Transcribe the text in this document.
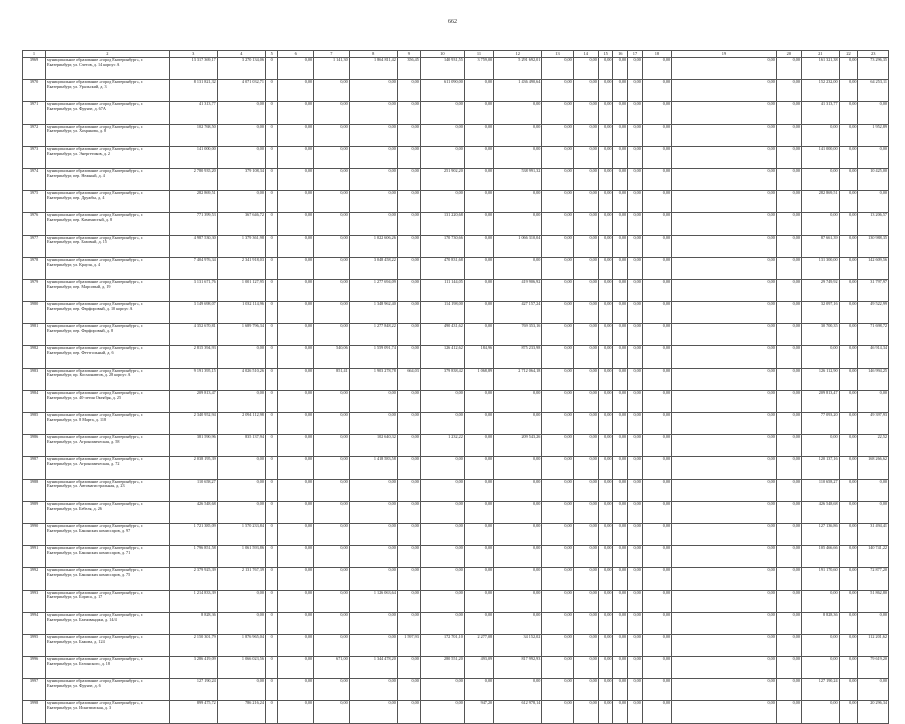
662
1	2	3	4	5	6	7	8	9	10	11	12	13	14	15	16	17	18	19	20	21	22	23
3969	муниципальное образование «город Екатеринбург», г. Екатеринбург, ул. Счетов, д. 14 корпус А	13 317 369,17	3 270 134,06	0	0,00	1 141,30	1 864 811,42	356,45	140 931,55	3 759,00	5 291 692,01	0,00	0,00	0,00	0,00	0,00	0,00	0,00	0,00	161 321,38	0,00	73 296,35
3970	муниципальное образование «город Екатеринбург», г. Екатеринбург, ул. Уральский, д. 3	8 131 821,32	4 071 032,71	0	0,00	0,00	0,00	0,00	611 090,00	0,00	1 436 490,64	0,00	0,00	0,00	0,00	0,00	0,00	0,00	0,00	152 232,00	0,00	64 253,11
3971	муниципальное образование «город Екатеринбург», г. Екатеринбург, ул. Фрунзе, д. 67А	41 313,77	0,00	0	0,00	0,00	0,00	0,00	0,00	0,00	0,00	0,00	0,00	0,00	0,00	0,00	0,00	0,00	0,00	41 313,77	0,00	0,00
3972	муниципальное образование «город Екатеринбург», г. Екатеринбург, ул. Хохрякова, д. 8	102 768,50	0,00	0	0,00	0,00	0,00	0,00	0,00	0,00	0,00	0,00	0,00	0,00	0,00	0,00	0,00	0,00	0,00	0,00	0,00	1 952,89
3973	муниципальное образование «город Екатеринбург», г. Екатеринбург, ул. Энергетиков, д. 2	141 000,00	0,00	0	0,00	0,00	0,00	0,00	0,00	0,00	0,00	0,00	0,00	0,00	0,00	0,00	0,00	0,00	0,00	141 000,00	0,00	0,00
3974	муниципальное образование «город Екатеринбург», г. Екатеринбург, пер. Нежный, д. 4	2 780 935,20	379 108,34	0	0,00	0,00	0,00	0,00	251 902,20	0,00	538 991,32	0,00	0,00	0,00	0,00	0,00	0,00	0,00	0,00	0,00	0,00	10 425,00
3975	муниципальное образование «город Екатеринбург», г. Екатеринбург, пер. Дружбы, д. 4	282 869,51	0,00	0	0,00	0,00	0,00	0,00	0,00	0,00	0,00	0,00	0,00	0,00	0,00	0,00	0,00	0,00	0,00	282 869,51	0,00	0,00
3976	муниципальное образование «город Екатеринбург», г. Екатеринбург, пер. Каменистый, д. 8	771 399,53	367 646,72	0	0,00	0,00	0,00	0,00	131 220,68	0,00	0,00	0,00	0,00	0,00	0,00	0,00	0,00	0,00	0,00	0,00	0,00	13 206,57
3977	муниципальное образование «город Екатеринбург», г. Екатеринбург, пер. Базовый, д. 15	4 987 530,30	1 379 361,98	0	0,00	0,00	1 022 606,26	0,00	170 730,66	0,00	1 066 310,04	0,00	0,00	0,00	0,00	0,00	0,00	0,00	0,00	87 661,39	0,00	130 988,35
3978	муниципальное образование «город Екатеринбург», г. Екатеринбург, ул. Крауля, д. 4	7 404 976,34	2 341 918,03	0	0,00	0,00	3 048 458,22	0,00	470 831,68	0,00	0,00	0,00	0,00	0,00	0,00	0,00	0,00	0,00	0,00	131 300,00	0,00	142 609,56
3979	муниципальное образование «город Екатеринбург», г. Екатеринбург, пер. Марсовый, д. 19	3 131 671,76	1 001 127,95	0	0,00	0,00	1 277 694,09	0,00	111 144,05	0,00	419 906,92	0,00	0,00	0,00	0,00	0,00	0,00	0,00	0,00	29 749,92	0,00	31 797,97
3980	муниципальное образование «город Екатеринбург», г. Екатеринбург, пер. Фарфоровый, д. 10 корпус А	3 149 698,07	1 032 114,96	0	0,00	0,00	1 348 962,40	0,00	114 198,00	0,00	427 157,24	0,00	0,00	0,00	0,00	0,00	0,00	0,00	0,00	32 097,16	0,00	49 522,99
3981	муниципальное образование «город Екатеринбург», г. Екатеринбург, пер. Фарфоровый, д. 8	4 352 670,81	1 689 796,34	0	0,00	0,00	1 277 848,22	0,00	490 431,62	0,00	769 353,16	0,00	0,00	0,00	0,00	0,00	0,00	0,00	0,00	30 700,35	0,00	71 698,72
3982	муниципальное образование «город Екатеринбург», г. Екатеринбург, пер. Феттгольный, д. 6	2 815 394,93	0,00	0	0,00	540,06	1 559 091,74	0,00	126 412,62	184,96	875 233,98	0,00	0,00	0,00	0,00	0,00	0,00	0,00	0,00	0,00	0,00	46 914,34
3983	муниципальное образование «город Екатеринбург», г. Екатеринбург, пр. Космонавтов, д. 28 корпус А	9 191 395,15	4 026 510,26	0	0,00	851,41	1 903 278,78	664,03	379 838,42	1 068,89	2 712 064,18	0,00	0,00	0,00	0,00	0,00	0,00	0,00	0,00	126 112,90	0,00	146 994,25
3984	муниципальное образование «город Екатеринбург», г. Екатеринбург, ул. 40-летия Октября, д. 25	209 813,47	0,00	0	0,00	0,00	0,00	0,00	0,00	0,00	0,00	0,00	0,00	0,00	0,00	0,00	0,00	0,00	0,00	209 813,47	0,00	0,00
3985	муниципальное образование «город Екатеринбург», г. Екатеринбург, ул. 8 Марта, д. 118	2 340 952,94	2 094 112,98	0	0,00	0,00	0,00	0,00	0,00	0,00	0,00	0,00	0,00	0,00	0,00	0,00	0,00	0,00	0,00	77 093,20	0,00	49 397,93
3986	муниципальное образование «город Екатеринбург», г. Екатеринбург, ул. Агрономическая, д. 58	381 590,96	835 137,94	0	0,00	0,00	102 640,32	0,00	1 232,22	0,00	209 543,26	0,00	0,00	0,00	0,00	0,00	0,00	0,00	0,00	0,00	0,00	22,52
3987	муниципальное образование «город Екатеринбург», г. Екатеринбург, ул. Агрономическая, д. 72	2 038 195,39	0,00	0	0,00	0,00	1 418 583,58	0,00	0,00	0,00	0,00	0,00	0,00	0,00	0,00	0,00	0,00	0,00	0,00	120 137,16	0,00	168 266,62
3988	муниципальное образование «город Екатеринбург», г. Екатеринбург, ул. Автомагистральная, д. 23	110 658,27	0,00	0	0,00	0,00	0,00	0,00	0,00	0,00	0,00	0,00	0,00	0,00	0,00	0,00	0,00	0,00	0,00	110 658,27	0,00	0,00
3989	муниципальное образование «город Екатеринбург», г. Екатеринбург, ул. Бебеля, д. 26	426 548,68	0,00	0	0,00	0,00	0,00	0,00	0,00	0,00	0,00	0,00	0,00	0,00	0,00	0,00	0,00	0,00	0,00	426 548,68	0,00	0,00
3990	муниципальное образование «город Екатеринбург», г. Екатеринбург, ул. Бакинских комиссаров, д. 97	1 721 385,09	1 570 233,84	0	0,00	0,00	0,00	0,00	0,00	0,00	0,00	0,00	0,00	0,00	0,00	0,00	0,00	0,00	0,00	127 136,86	0,00	31 494,41
3991	муниципальное образование «город Екатеринбург», г. Екатеринбург, ул. Бакинских комиссаров, д. 71	1 796 851,58	1 061 593,86	0	0,00	0,00	0,00	0,00	0,00	0,00	0,00	0,00	0,00	0,00	0,00	0,00	0,00	0,00	0,00	105 466,66	0,00	140 741,22
3992	муниципальное образование «город Екатеринбург», г. Екатеринбург, ул. Бакинских комиссаров, д. 75	2 379 925,39	2 131 767,39	0	0,00	0,00	0,00	0,00	0,00	0,00	0,00	0,00	0,00	0,00	0,00	0,00	0,00	0,00	0,00	191 170,60	0,00	72 877,20
3993	муниципальное образование «город Екатеринбург», г. Екатеринбург, ул. Бориса, д. 17	1 214 833,39	0,00	0	0,00	0,00	1 126 063,64	0,00	0,00	0,00	0,00	0,00	0,00	0,00	0,00	0,00	0,00	0,00	0,00	0,00	0,00	51 862,80
3994	муниципальное образование «город Екатеринбург», г. Екатеринбург, ул. Бахчиванджи, д. 14/4	8 828,36	0,00	0	0,00	0,00	0,00	0,00	0,00	0,00	0,00	0,00	0,00	0,00	0,00	0,00	0,00	0,00	0,00	8 828,36	0,00	0,00
3995	муниципальное образование «город Екатеринбург», г. Екатеринбург, ул. Бажова, д. 124	2 150 301,79	1 876 965,04	0	0,00	0,00	0,00	1 597,93	172 701,10	2 277,08	34 152,02	0,00	0,00	0,00	0,00	0,00	0,00	0,00	0,00	0,00	0,00	112 201,62
3996	муниципальное образование «город Екатеринбург», г. Екатеринбург, ул. Белинского, д. 18	3 286 419,09	1 066 023,56	0	0,00	671,00	1 344 478,20	0,00	280 551,20	493,09	817 992,93	0,00	0,00	0,00	0,00	0,00	0,00	0,00	0,00	0,00	0,00	79 619,20
3997	муниципальное образование «город Екатеринбург», г. Екатеринбург, ул. Фрунзе, д. 6	127 190,24	0,00	0	0,00	0,00	0,00	0,00	0,00	0,00	0,00	0,00	0,00	0,00	0,00	0,00	0,00	0,00	0,00	127 190,24	0,00	0,00
3998	муниципальное образование «город Екатеринбург», г. Екатеринбург, ул. Искитимская, д. 3	899 475,72	786 216,24	0	0,00	0,00	0,00	0,00	0,00	947,20	612 978,14	0,00	0,00	0,00	0,00	0,00	0,00	0,00	0,00	0,00	0,00	20 296,34
